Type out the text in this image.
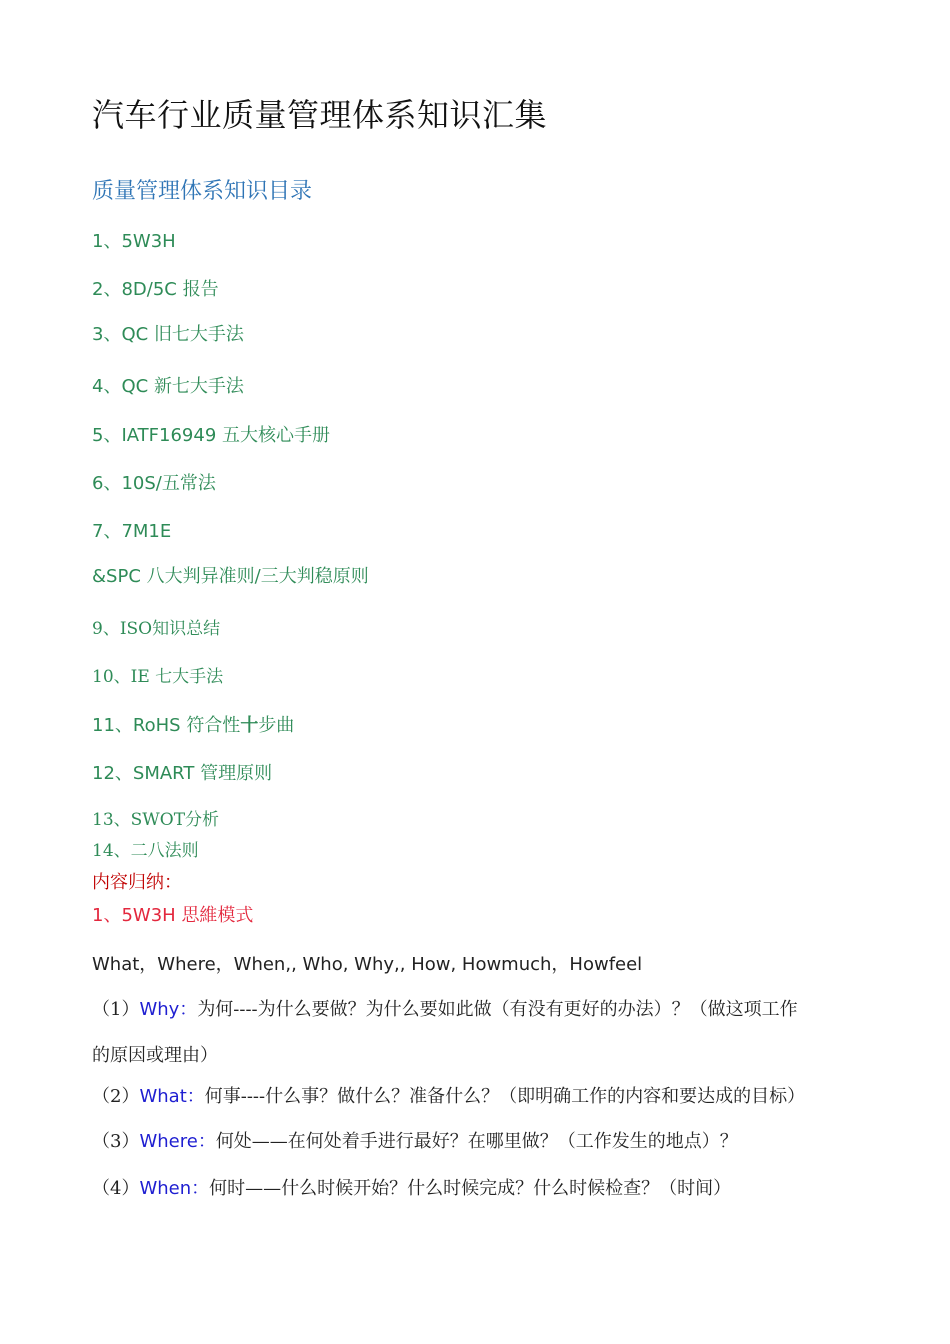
汽车行业质量管理体系知识汇集
质量管理体系知识目录
1、5W3H
2、8D/5C 报告
3、QC 旧七大手法
4、QC 新七大手法
5、IATF16949 五大核心手册
6、10S/五常法
7、7M1E
&SPC 八大判异准则/三大判稳原则
9、ISO知识总结
10、IE 七大手法
11、RoHS 符合性十步曲
12、SMART 管理原则
13、SWOT分析
14、二八法则
内容归纳：
1、5W3H 思維模式
What，Where，When,, Who, Why,, How, Howmuch，Howfeel
（1）Why：为何----为什么要做？为什么要如此做（有没有更好的办法）？（做这项工作
的原因或理由）
（2）What：何事----什么事？做什么？准备什么？（即明确工作的内容和要达成的目标）
（3）Where：何处——在何处着手进行最好？在哪里做？（工作发生的地点）？
（4）When：何时——什么时候开始？什么时候完成？什么时候检查？（时间）
